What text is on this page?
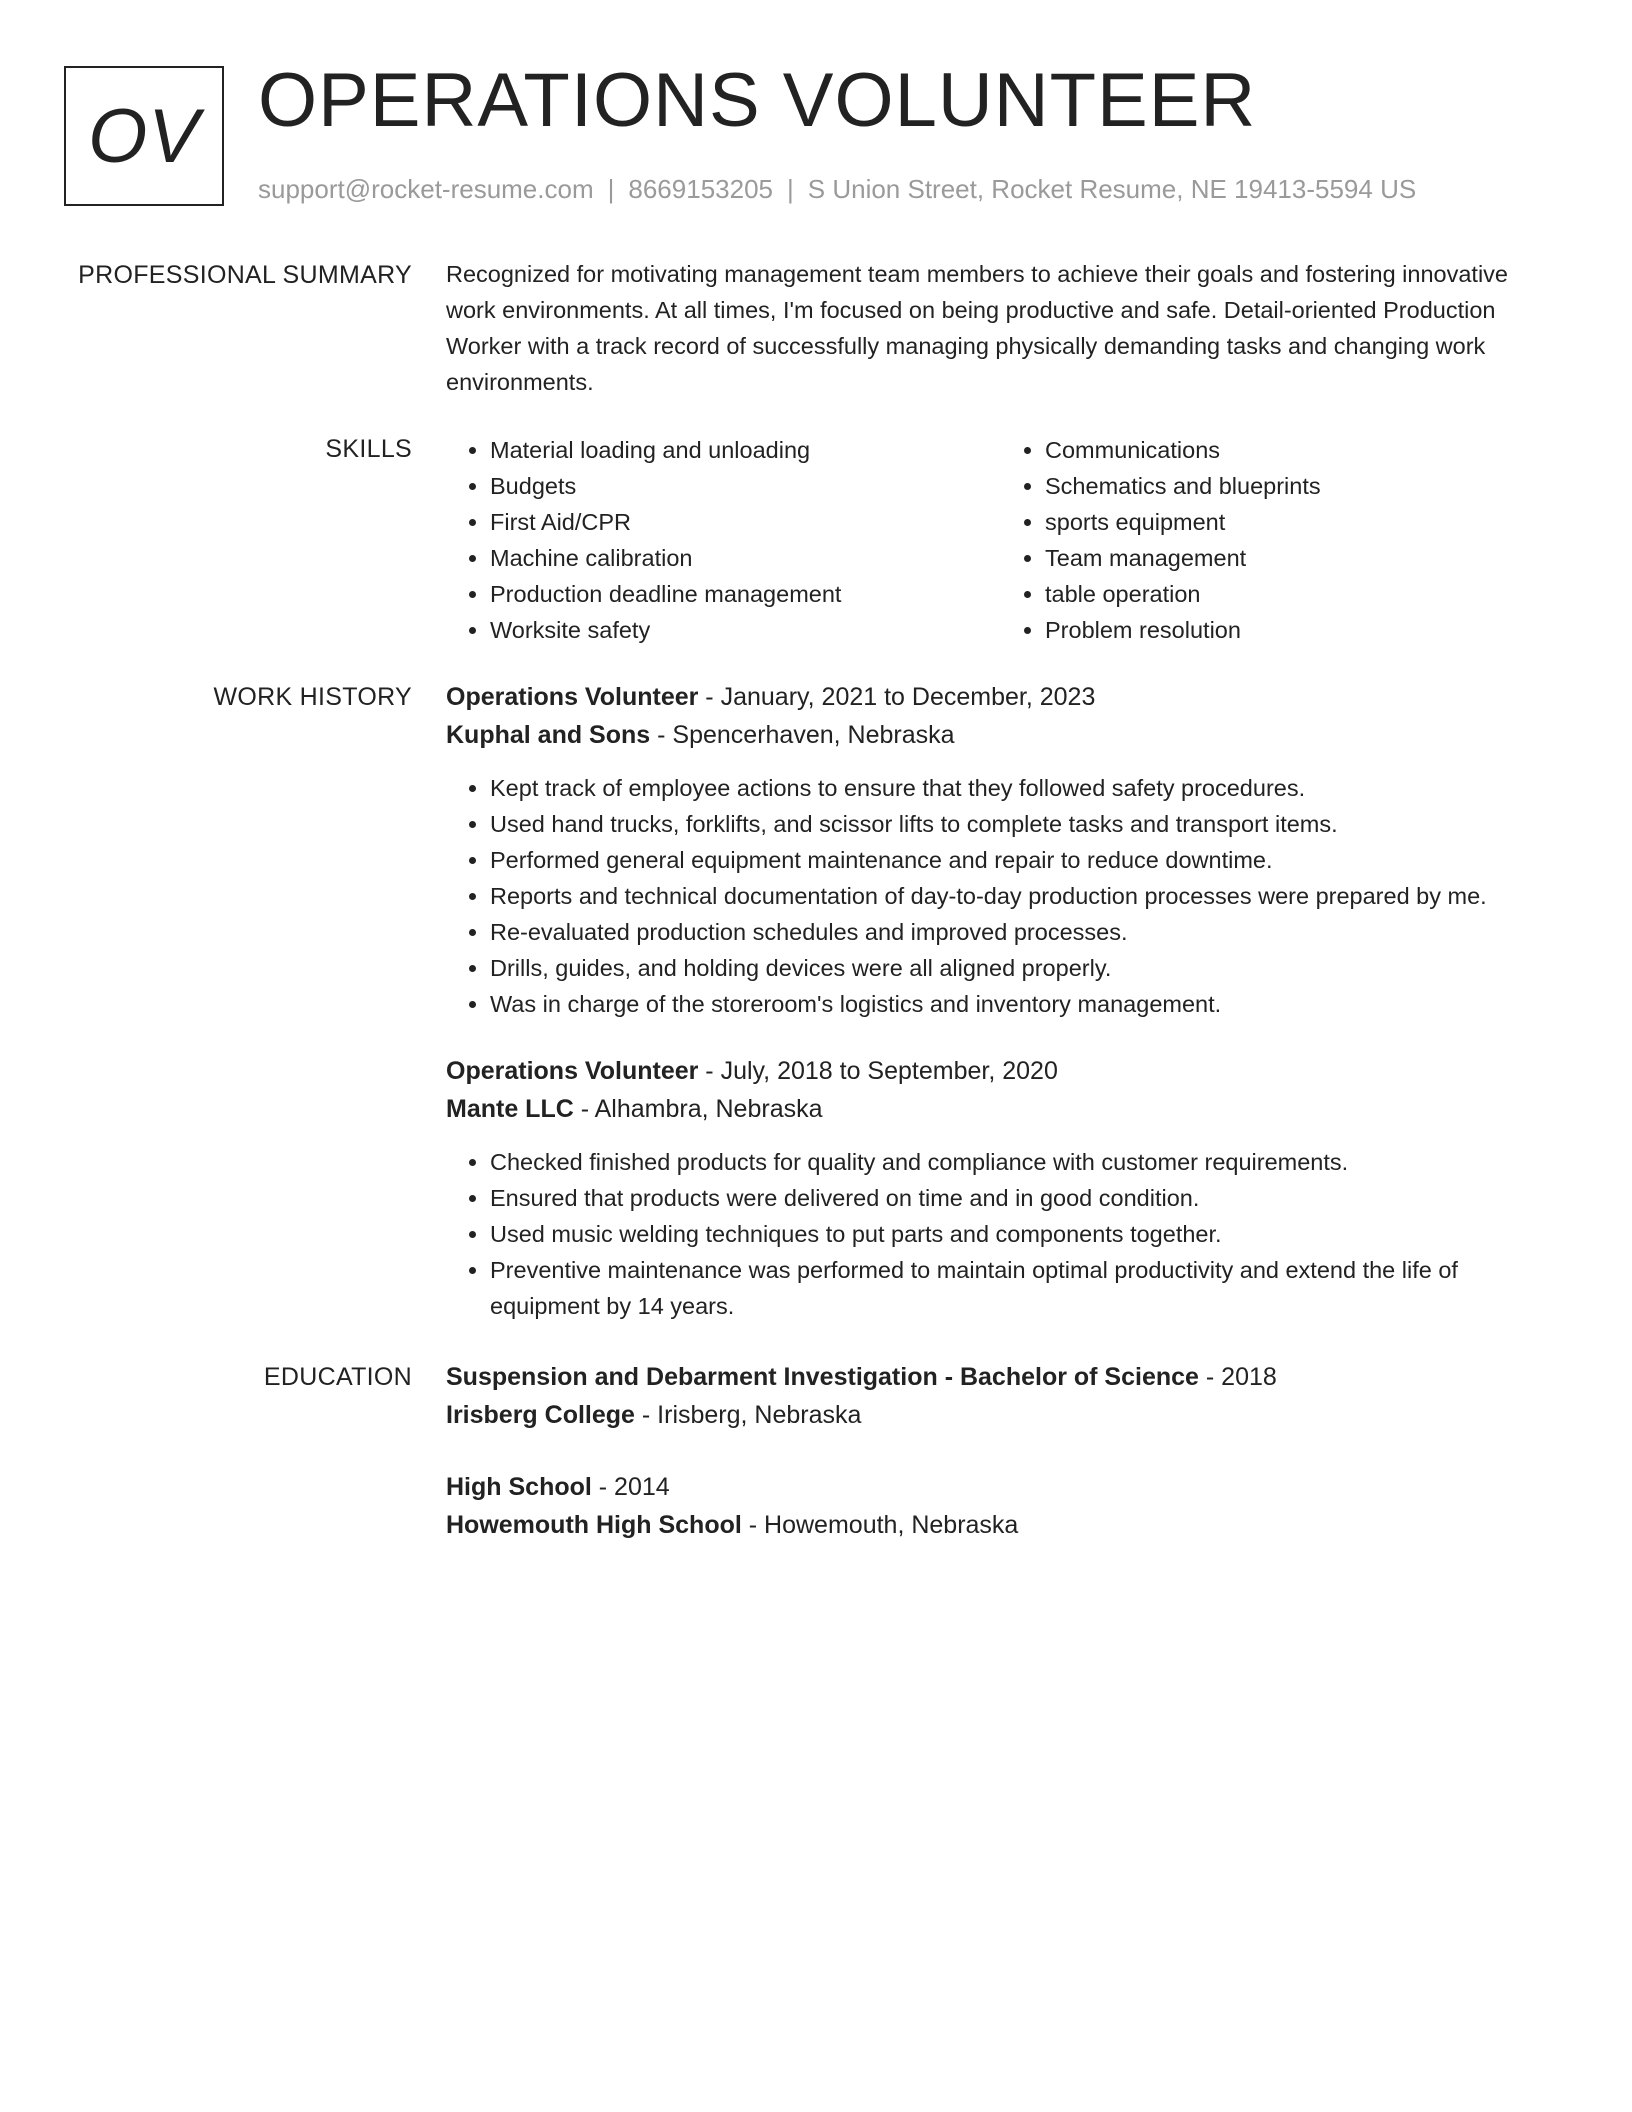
OV OPERATIONS VOLUNTEER
support@rocket-resume.com | 8669153205 | S Union Street, Rocket Resume, NE 19413-5594 US
PROFESSIONAL SUMMARY Recognized for motivating management team members to achieve their goals and fostering innovative work environments. At all times, I'm focused on being productive and safe. Detail-oriented Production Worker with a track record of successfully managing physically demanding tasks and changing work environments.

SKILLS
•	Material loading and unloading
• Budgets
• First Aid/CPR
• Machine calibration
• Production deadline management
• Worksite safety
• Communications
• Schematics and blueprints
• sports equipment
• Team management
• table operation
• Problem resolution
WORK HISTORY Operations Volunteer - January, 2021 to December, 2023
Kuphal and Sons - Spencerhaven, Nebraska
• Kept track of employee actions to ensure that they followed safety procedures.
• Used hand trucks, forklifts, and scissor lifts to complete tasks and transport items.
• Performed general equipment maintenance and repair to reduce downtime.
• Reports and technical documentation of day-to-day production processes were prepared by me.
• Re-evaluated production schedules and improved processes.
• Drills, guides, and holding devices were all aligned properly.
• Was in charge of the storeroom's logistics and inventory management.
Operations Volunteer - July, 2018 to September, 2020
Mante LLC - Alhambra, Nebraska
• Checked finished products for quality and compliance with customer requirements.
• Ensured that products were delivered on time and in good condition.
• Used music welding techniques to put parts and components together.
• Preventive maintenance was performed to maintain optimal productivity and extend the life of equipment by 14 years.
EDUCATION Suspension and Debarment Investigation - Bachelor of Science - 2018
Irisberg College - Irisberg, Nebraska
High School - 2014
Howemouth High School - Howemouth, Nebraska
